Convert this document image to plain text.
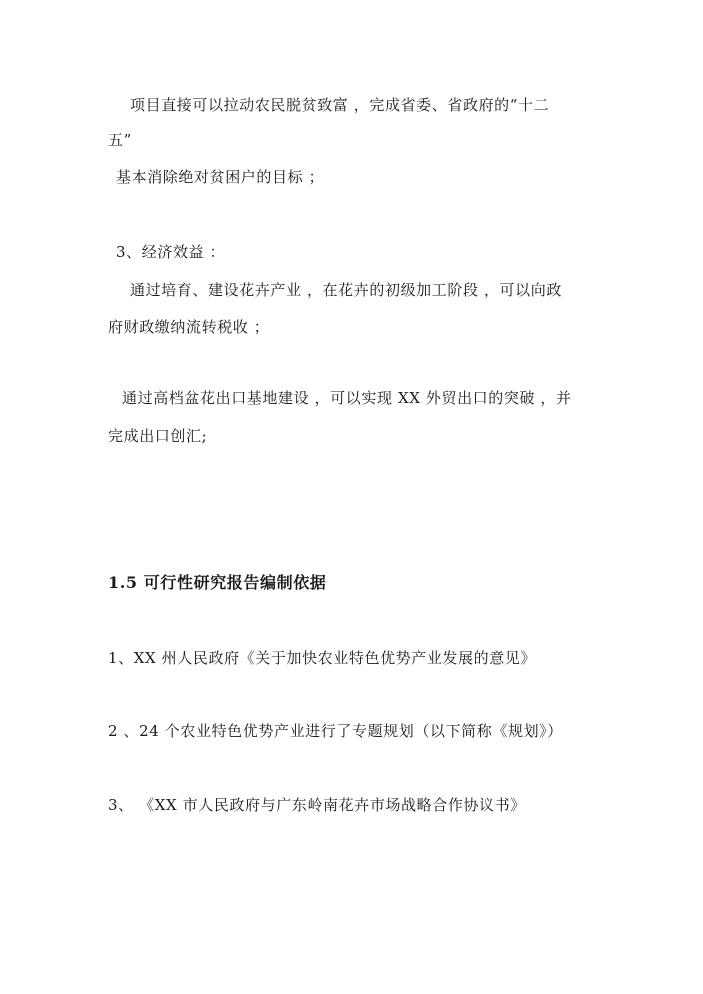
项目直接可以拉动农民脱贫致富 ，完成省委、省政府的“十二
五”
基本消除绝对贫困户的目标 ；
3、经济效益 ：
通过培育、建设花卉产业 ，在花卉的初级加工阶段 ，可以向政
府财政缴纳流转税收 ；
通过高档盆花出口基地建设 ，可以实现 XX 外贸出口的突破 ，并
完成出口创汇;
1.5 可行性研究报告编制依据
1、XX 州人民政府《关于加快农业特色优势产业发展的意见》
2 、24 个农业特色优势产业进行了专题规划（以下简称《规划》）
3、 《XX 市人民政府与广东岭南花卉市场战略合作协议书》
